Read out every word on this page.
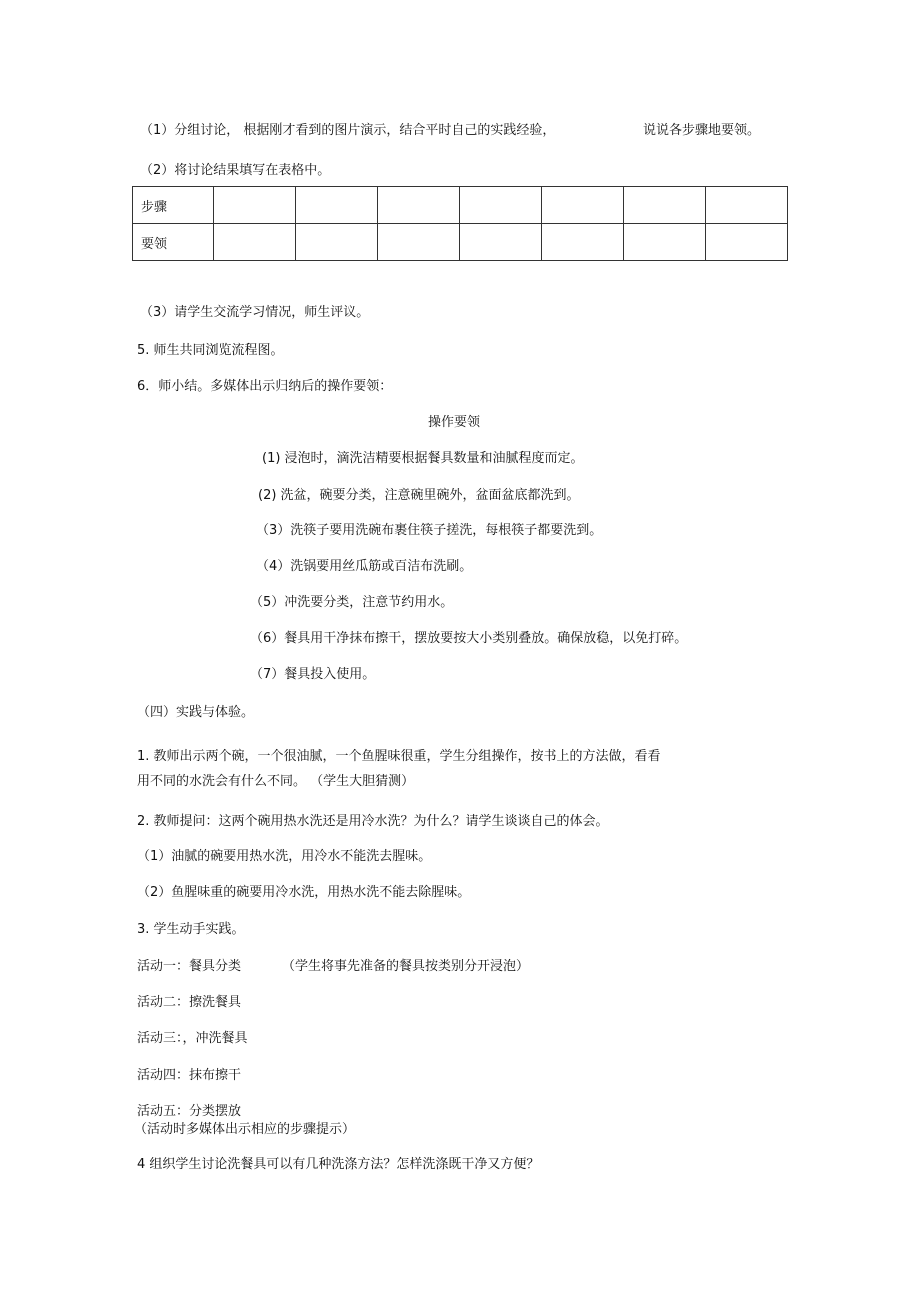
（1）分组讨论， 根据刚才看到的图片演示，结合平时自己的实践经验，	说说各步骤地要领。
（2）将讨论结果填写在表格中。
步骤							
要领							
（3）请学生交流学习情况，师生评议。
5. 师生共同浏览流程图。
6．师小结。多媒体出示归纳后的操作要领：
操作要领
(1) 浸泡时，滴洗洁精要根据餐具数量和油腻程度而定。
(2) 洗盆，碗要分类，注意碗里碗外，盆面盆底都洗到。
（3）洗筷子要用洗碗布裹住筷子搓洗，每根筷子都要洗到。
（4）洗锅要用丝瓜筋或百洁布洗刷。
（5）冲洗要分类，注意节约用水。
（6）餐具用干净抹布擦干，摆放要按大小类别叠放。确保放稳，以免打碎。
（7）餐具投入使用。
（四）实践与体验。
1. 教师出示两个碗，一个很油腻，一个鱼腥味很重，学生分组操作，按书上的方法做，看看
用不同的水洗会有什么不同。 （学生大胆猜测）
2. 教师提问：这两个碗用热水洗还是用冷水洗？为什么？请学生谈谈自己的体会。
（1）油腻的碗要用热水洗，用冷水不能洗去腥味。
（2）鱼腥味重的碗要用冷水洗，用热水洗不能去除腥味。
3. 学生动手实践。
活动一：餐具分类	（学生将事先准备的餐具按类别分开浸泡）
活动二：擦洗餐具
活动三：，冲洗餐具
活动四：抹布擦干
活动五：分类摆放
（活动时多媒体出示相应的步骤提示）
4 组织学生讨论洗餐具可以有几种洗涤方法？怎样洗涤既干净又方便？
